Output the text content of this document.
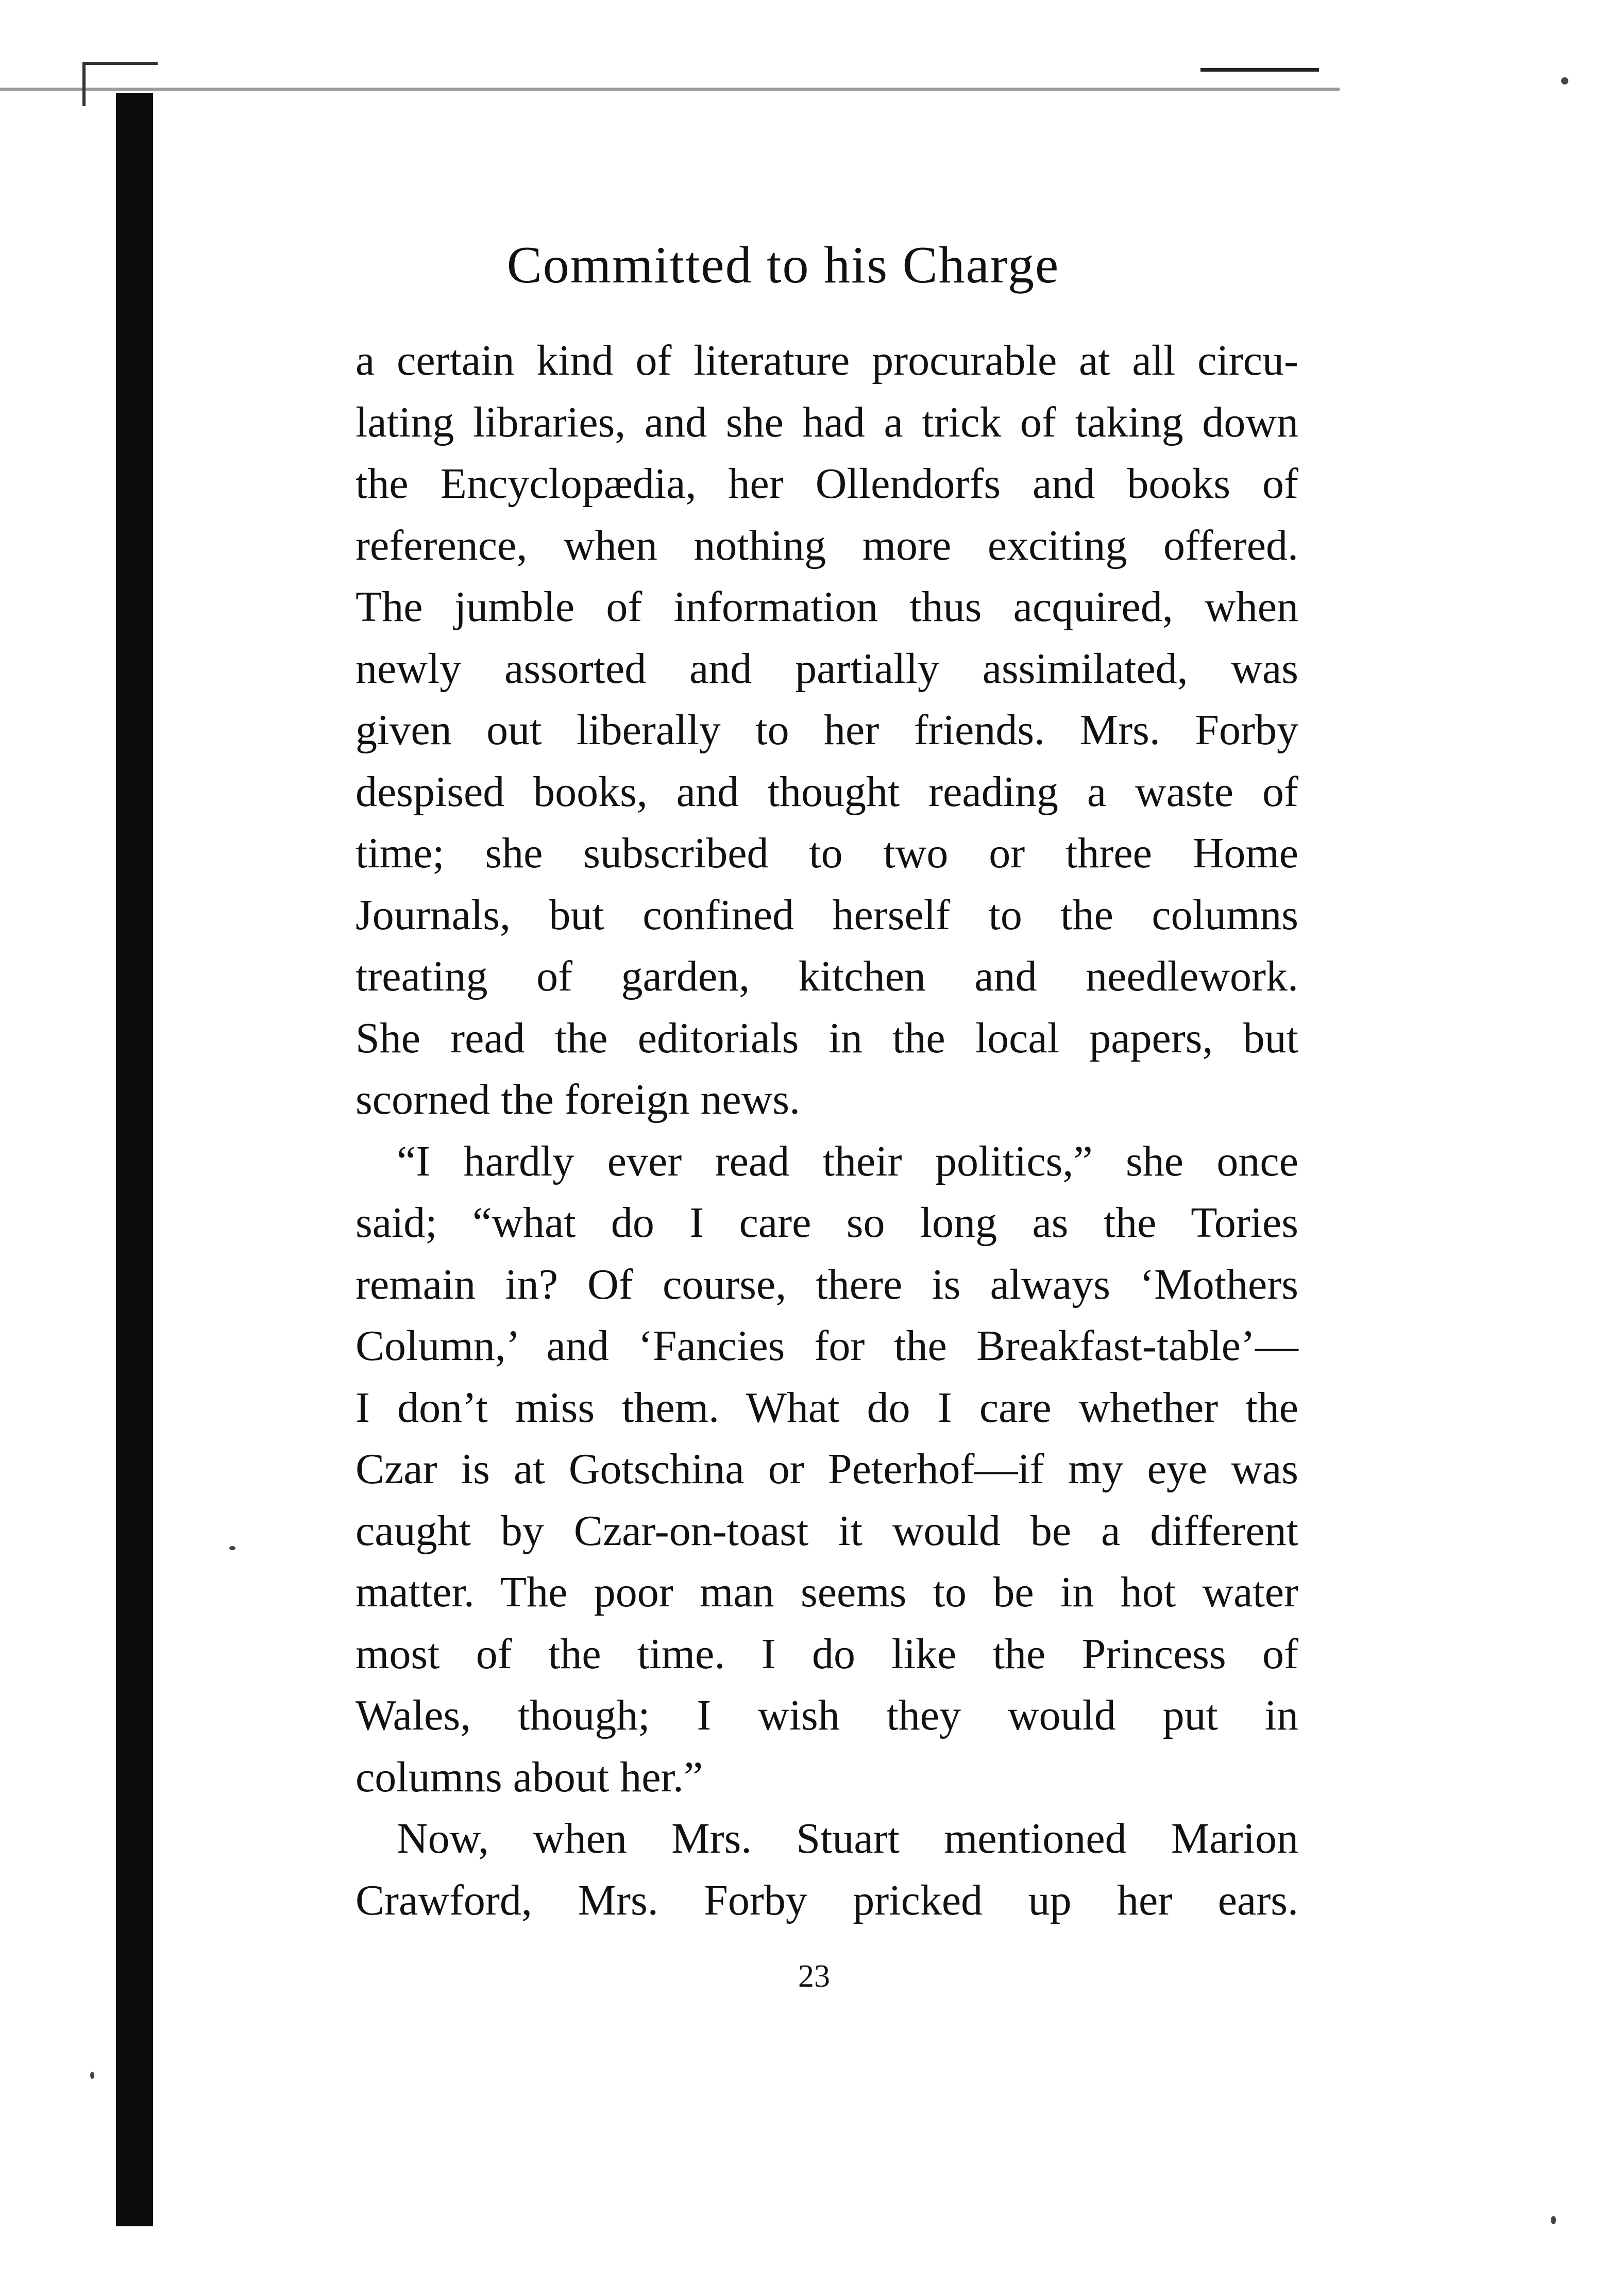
Committed to his Charge
a certain kind of literature procurable at all circu-
lating libraries, and she had a trick of taking down
the Encyclopædia, her Ollendorfs and books of
reference, when nothing more exciting offered.
The jumble of information thus acquired, when
newly assorted and partially assimilated, was
given out liberally to her friends. Mrs. Forby
despised books, and thought reading a waste of
time; she subscribed to two or three Home
Journals, but confined herself to the columns
treating of garden, kitchen and needlework.
She read the editorials in the local papers, but
scorned the foreign news.
“I hardly ever read their politics,” she once
said; “what do I care so long as the Tories
remain in? Of course, there is always ‘Mothers
Column,’ and ‘Fancies for the Breakfast-table’—
I don’t miss them. What do I care whether the
Czar is at Gotschina or Peterhof—if my eye was
caught by Czar-on-toast it would be a different
matter. The poor man seems to be in hot water
most of the time. I do like the Princess of
Wales, though; I wish they would put in
columns about her.”
Now, when Mrs. Stuart mentioned Marion
Crawford, Mrs. Forby pricked up her ears.
23
